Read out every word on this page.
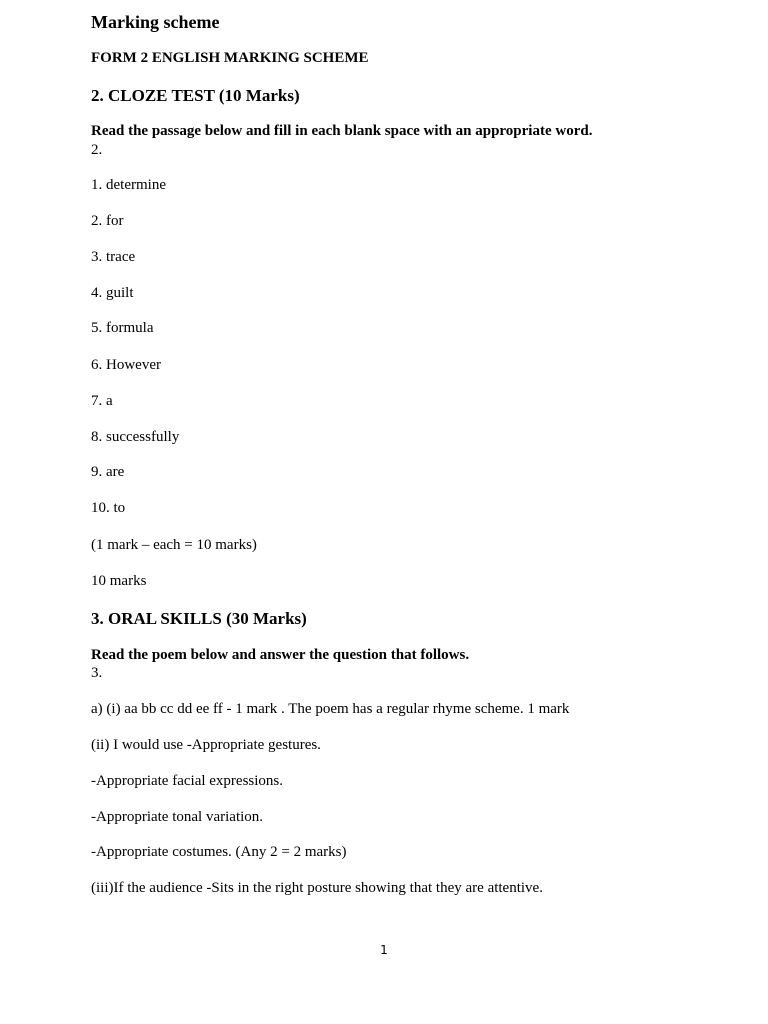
Marking scheme
FORM 2 ENGLISH MARKING SCHEME
2. CLOZE TEST (10 Marks)
Read the passage below and fill in each blank space with an appropriate word.
2.
1. determine
2. for
3. trace
4. guilt
5. formula
6. However
7. a
8. successfully
9. are
10. to
(1 mark – each = 10 marks)
10 marks
3. ORAL SKILLS (30 Marks)
Read the poem below and answer the question that follows.
3.
a) (i) aa bb cc dd ee ff - 1 mark . The poem has a regular rhyme scheme. 1 mark
(ii) I would use -Appropriate gestures.
-Appropriate facial expressions.
-Appropriate tonal variation.
-Appropriate costumes. (Any 2 = 2 marks)
(iii)If the audience -Sits in the right posture showing that they are attentive.
1
